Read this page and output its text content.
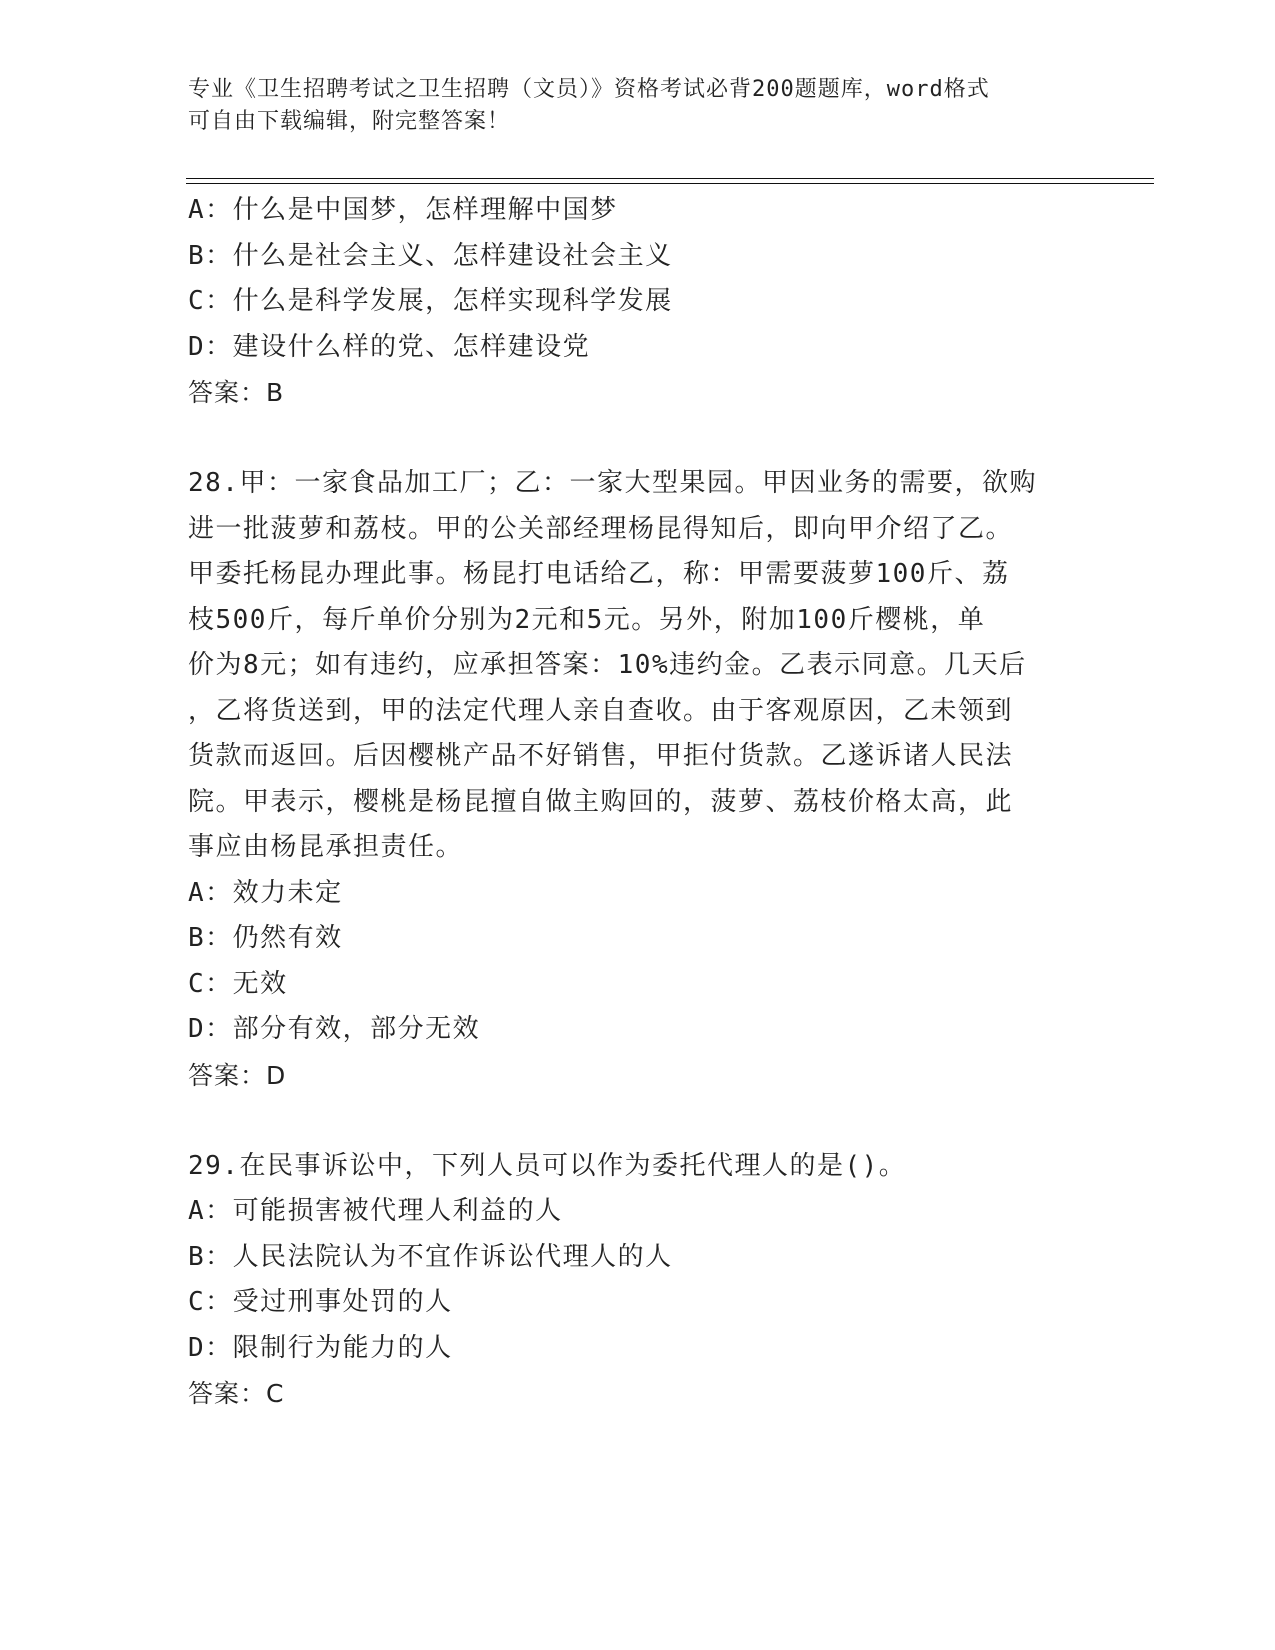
专业《卫生招聘考试之卫生招聘（文员）》资格考试必背200题题库，word格式
可自由下载编辑，附完整答案！
A：什么是中国梦，怎样理解中国梦
B：什么是社会主义、怎样建设社会主义
C：什么是科学发展，怎样实现科学发展
D：建设什么样的党、怎样建设党
答案：B
28.甲：一家食品加工厂；乙：一家大型果园。甲因业务的需要，欲购
进一批菠萝和荔枝。甲的公关部经理杨昆得知后，即向甲介绍了乙。
甲委托杨昆办理此事。杨昆打电话给乙，称：甲需要菠萝100斤、荔
枝500斤，每斤单价分别为2元和5元。另外，附加100斤樱桃，单
价为8元；如有违约，应承担答案：10%违约金。乙表示同意。几天后
，乙将货送到，甲的法定代理人亲自查收。由于客观原因，乙未领到
货款而返回。后因樱桃产品不好销售，甲拒付货款。乙遂诉诸人民法
院。甲表示，樱桃是杨昆擅自做主购回的，菠萝、荔枝价格太高，此
事应由杨昆承担责任。
A：效力未定
B：仍然有效
C：无效
D：部分有效，部分无效
答案：D
29.在民事诉讼中，下列人员可以作为委托代理人的是()。
A：可能损害被代理人利益的人
B：人民法院认为不宜作诉讼代理人的人
C：受过刑事处罚的人
D：限制行为能力的人
答案：C
